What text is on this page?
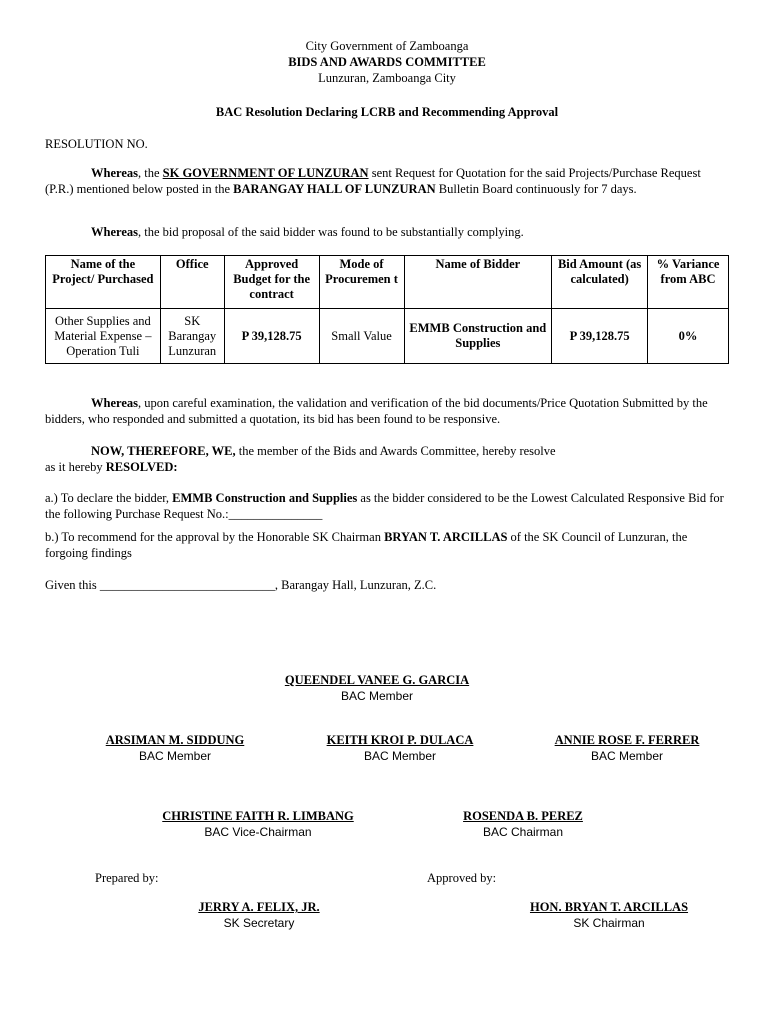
City Government of Zamboanga
BIDS AND AWARDS COMMITTEE
Lunzuran, Zamboanga City
BAC Resolution Declaring LCRB and Recommending Approval
RESOLUTION NO.

Whereas, the SK GOVERNMENT OF LUNZURAN sent Request for Quotation for the said Projects/Purchase Request (P.R.) mentioned below posted in the BARANGAY HALL OF LUNZURAN Bulletin Board continuously for 7 days.

Whereas, the bid proposal of the said bidder was found to be substantially complying.

Name of the Project/ Purchased	Office	Approved Budget for the contract	Mode of Procuremen t	Name of Bidder	Bid Amount (as calculated)	% Variance from ABC
Other Supplies and Material Expense – Operation Tuli	SK Barangay Lunzuran	P 39,128.75	Small Value	EMMB Construction and Supplies	P 39,128.75	0%

Whereas, upon careful examination, the validation and verification of the bid documents/Price Quotation Submitted by the bidders, who responded and submitted a quotation, its bid has been found to be responsive.

NOW, THEREFORE, WE, the member of the Bids and Awards Committee, hereby resolve
as it hereby RESOLVED:

a.) To declare the bidder, EMMB Construction and Supplies as the bidder considered to be the Lowest Calculated Responsive Bid for the following Purchase Request No.:_______________

b.) To recommend for the approval by the Honorable SK Chairman BRYAN T. ARCILLAS of the SK Council of Lunzuran, the forgoing findings

Given this ____________________________, Barangay Hall, Lunzuran, Z.C.
QUEENDEL VANEE G. GARCIA
BAC Member
ARSIMAN M. SIDDUNG
BAC Member
KEITH KROI P. DULACA
BAC Member
ANNIE ROSE F. FERRER
BAC Member
CHRISTINE FAITH R. LIMBANG
BAC Vice-Chairman
ROSENDA B. PEREZ
BAC Chairman
Prepared by:	Approved by:
JERRY A. FELIX, JR.
SK Secretary
HON. BRYAN T. ARCILLAS
SK Chairman
